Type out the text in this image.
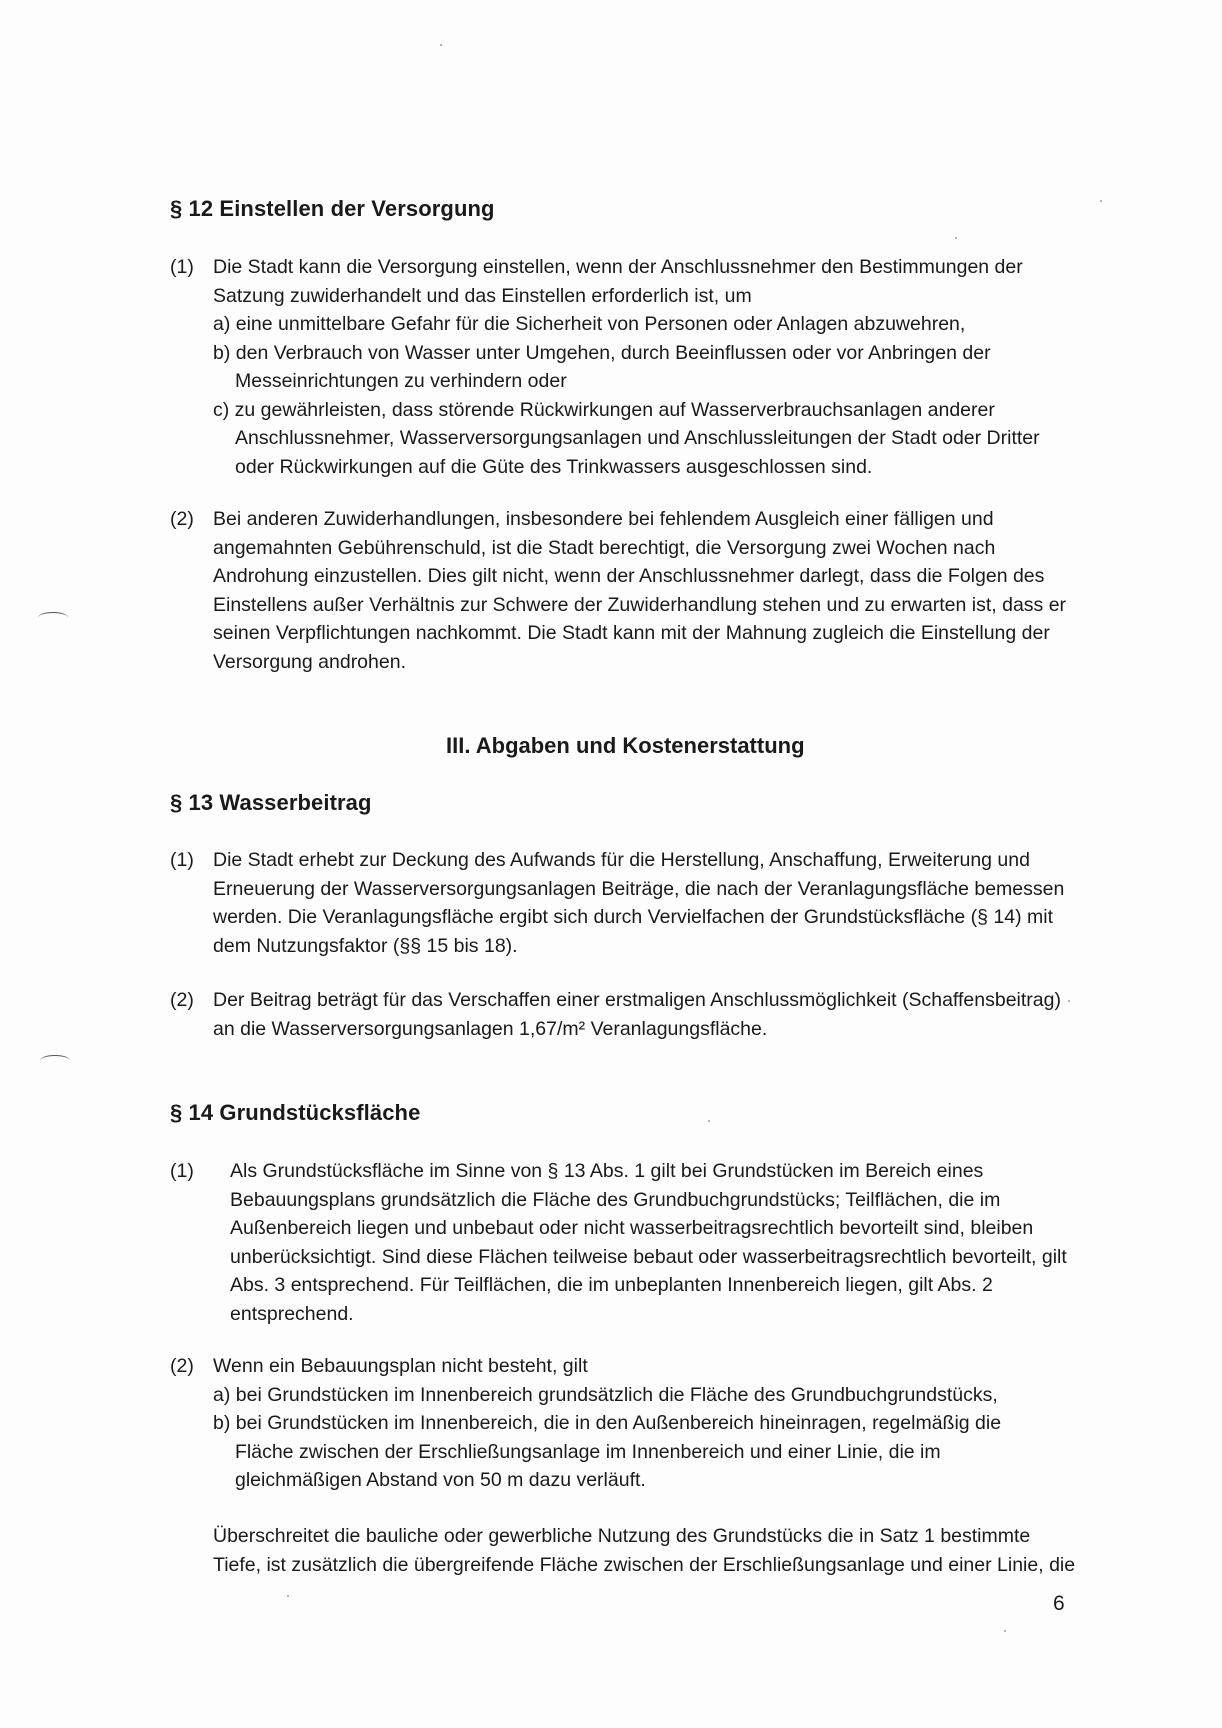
§ 12 Einstellen der Versorgung
(1) Die Stadt kann die Versorgung einstellen, wenn der Anschlussnehmer den Bestimmungen der
Satzung zuwiderhandelt und das Einstellen erforderlich ist, um
a) eine unmittelbare Gefahr für die Sicherheit von Personen oder Anlagen abzuwehren,
b) den Verbrauch von Wasser unter Umgehen, durch Beeinflussen oder vor Anbringen der
Messeinrichtungen zu verhindern oder
c) zu gewährleisten, dass störende Rückwirkungen auf Wasserverbrauchsanlagen anderer
Anschlussnehmer, Wasserversorgungsanlagen und Anschlussleitungen der Stadt oder Dritter
oder Rückwirkungen auf die Güte des Trinkwassers ausgeschlossen sind.
(2) Bei anderen Zuwiderhandlungen, insbesondere bei fehlendem Ausgleich einer fälligen und
angemahnten Gebührenschuld, ist die Stadt berechtigt, die Versorgung zwei Wochen nach
Androhung einzustellen. Dies gilt nicht, wenn der Anschlussnehmer darlegt, dass die Folgen des
Einstellens außer Verhältnis zur Schwere der Zuwiderhandlung stehen und zu erwarten ist, dass er
seinen Verpflichtungen nachkommt. Die Stadt kann mit der Mahnung zugleich die Einstellung der
Versorgung androhen.
III. Abgaben und Kostenerstattung
§ 13 Wasserbeitrag
(1) Die Stadt erhebt zur Deckung des Aufwands für die Herstellung, Anschaffung, Erweiterung und
Erneuerung der Wasserversorgungsanlagen Beiträge, die nach der Veranlagungsfläche bemessen
werden. Die Veranlagungsfläche ergibt sich durch Vervielfachen der Grundstücksfläche (§ 14) mit
dem Nutzungsfaktor (§§ 15 bis 18).
(2) Der Beitrag beträgt für das Verschaffen einer erstmaligen Anschlussmöglichkeit (Schaffensbeitrag)
an die Wasserversorgungsanlagen 1,67/m² Veranlagungsfläche.
§ 14 Grundstücksfläche
(1) Als Grundstücksfläche im Sinne von § 13 Abs. 1 gilt bei Grundstücken im Bereich eines
Bebauungsplans grundsätzlich die Fläche des Grundbuchgrundstücks; Teilflächen, die im
Außenbereich liegen und unbebaut oder nicht wasserbeitragsrechtlich bevorteilt sind, bleiben
unberücksichtigt. Sind diese Flächen teilweise bebaut oder wasserbeitragsrechtlich bevorteilt, gilt
Abs. 3 entsprechend. Für Teilflächen, die im unbeplanten Innenbereich liegen, gilt Abs. 2
entsprechend.
(2) Wenn ein Bebauungsplan nicht besteht, gilt
a) bei Grundstücken im Innenbereich grundsätzlich die Fläche des Grundbuchgrundstücks,
b) bei Grundstücken im Innenbereich, die in den Außenbereich hineinragen, regelmäßig die
Fläche zwischen der Erschließungsanlage im Innenbereich und einer Linie, die im
gleichmäßigen Abstand von 50 m dazu verläuft.
Überschreitet die bauliche oder gewerbliche Nutzung des Grundstücks die in Satz 1 bestimmte
Tiefe, ist zusätzlich die übergreifende Fläche zwischen der Erschließungsanlage und einer Linie, die
6
